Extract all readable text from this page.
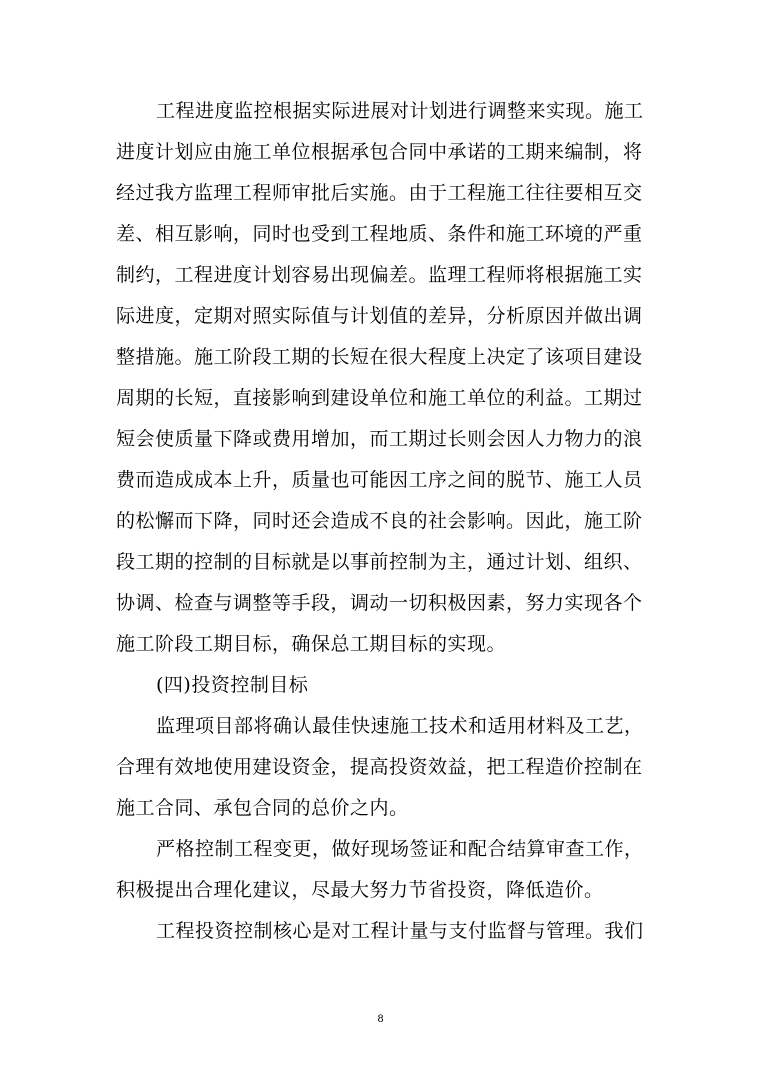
工程进度监控根据实际进展对计划进行调整来实现。施工
进度计划应由施工单位根据承包合同中承诺的工期来编制，将
经过我方监理工程师审批后实施。由于工程施工往往要相互交
差、相互影响，同时也受到工程地质、条件和施工环境的严重
制约，工程进度计划容易出现偏差。监理工程师将根据施工实
际进度，定期对照实际值与计划值的差异，分析原因并做出调
整措施。施工阶段工期的长短在很大程度上决定了该项目建设
周期的长短，直接影响到建设单位和施工单位的利益。工期过
短会使质量下降或费用增加，而工期过长则会因人力物力的浪
费而造成成本上升，质量也可能因工序之间的脱节、施工人员
的松懈而下降，同时还会造成不良的社会影响。因此，施工阶
段工期的控制的目标就是以事前控制为主，通过计划、组织、
协调、检查与调整等手段，调动一切积极因素，努力实现各个
施工阶段工期目标，确保总工期目标的实现。
(四)投资控制目标
监理项目部将确认最佳快速施工技术和适用材料及工艺，
合理有效地使用建设资金，提高投资效益，把工程造价控制在
施工合同、承包合同的总价之内。
严格控制工程变更，做好现场签证和配合结算审查工作，
积极提出合理化建议，尽最大努力节省投资，降低造价。
工程投资控制核心是对工程计量与支付监督与管理。我们
8
